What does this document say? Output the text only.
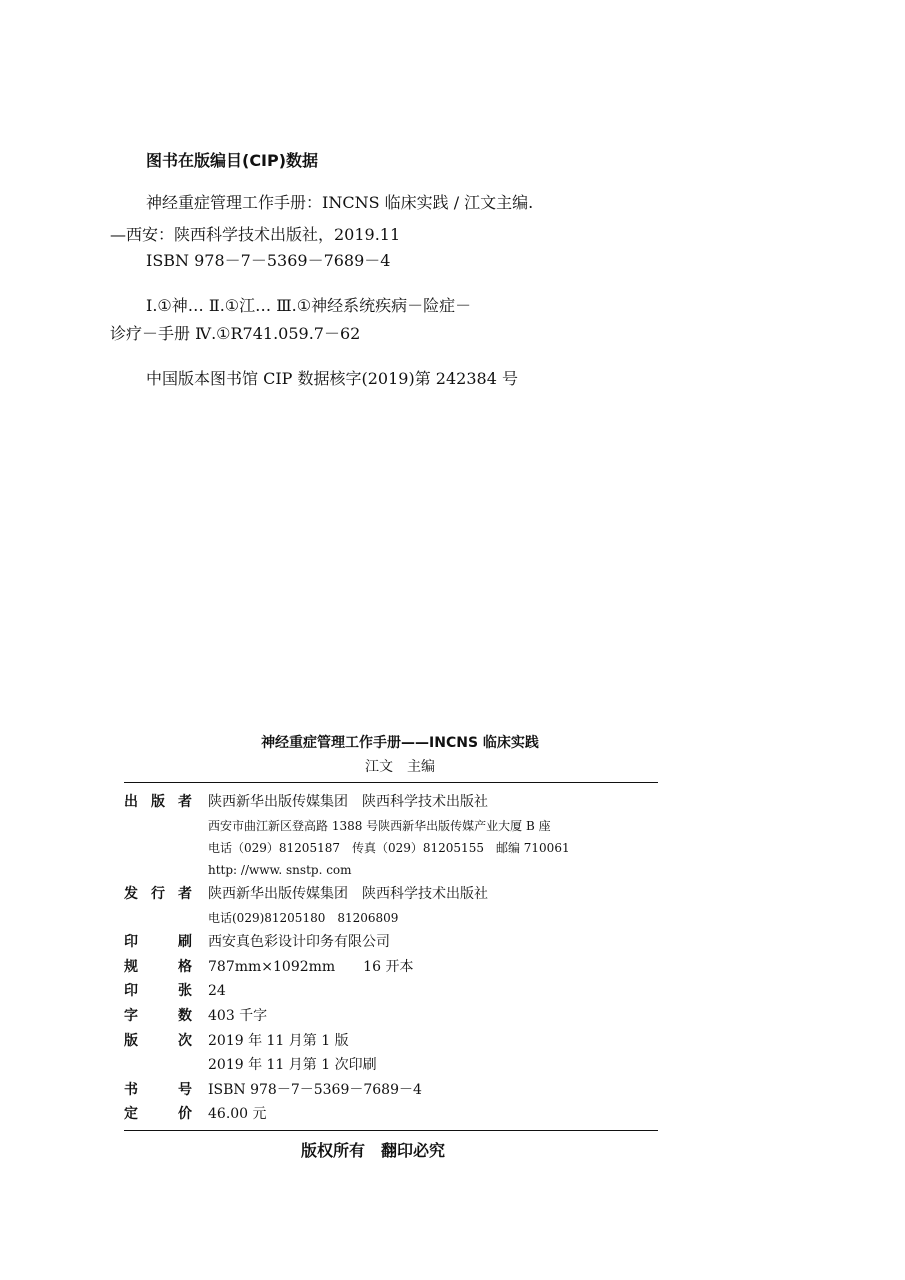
图书在版编目(CIP)数据
神经重症管理工作手册：INCNS 临床实践 / 江文主编.
—西安：陕西科学技术出版社，2019.11
ISBN 978－7－5369－7689－4
Ⅰ.①神… Ⅱ.①江… Ⅲ.①神经系统疾病－险症－
诊疗－手册 Ⅳ.①R741.059.7－62
中国版本图书馆 CIP 数据核字(2019)第 242384 号
神经重症管理工作手册——INCNS 临床实践
江文　主编
出 版 者 陕西新华出版传媒集团　陕西科学技术出版社
西安市曲江新区登高路 1388 号陕西新华出版传媒产业大厦 B 座
电话（029）81205187　传真（029）81205155　邮编 710061
http: //www. snstp. com
发 行 者 陕西新华出版传媒集团　陕西科学技术出版社
电话(029)81205180　81206809
印	刷 西安真色彩设计印务有限公司
规	格 787mm×1092mm　　16 开本
印	张 24
字	数 403 千字
版	次 2019 年 11 月第 1 版
2019 年 11 月第 1 次印刷
书	号 ISBN 978－7－5369－7689－4
定	价 46.00 元
版权所有　翻印必究
